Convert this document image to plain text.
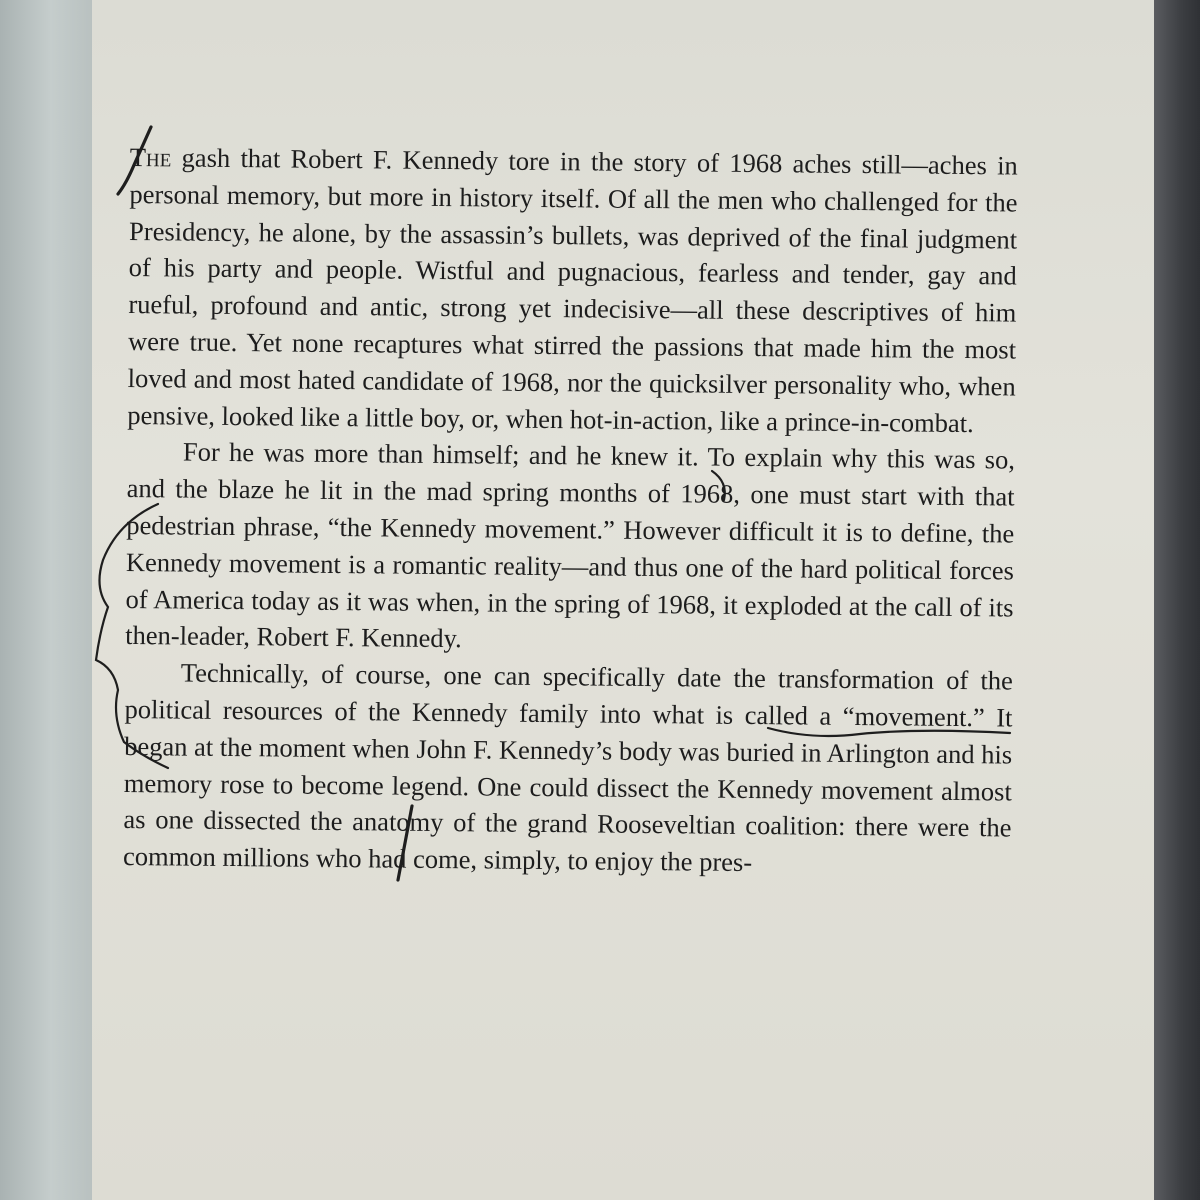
The gash that Robert F. Kennedy tore in the story of 1968 aches still—aches in personal memory, but more in history itself. Of all the men who challenged for the Presidency, he alone, by the assassin’s bullets, was deprived of the final judgment of his party and people. Wistful and pugnacious, fearless and tender, gay and rueful, profound and antic, strong yet indecisive—all these descriptives of him were true. Yet none recaptures what stirred the passions that made him the most loved and most hated candidate of 1968, nor the quicksilver personality who, when pensive, looked like a little boy, or, when hot-in-action, like a prince-in-combat.

For he was more than himself; and he knew it. To explain why this was so, and the blaze he lit in the mad spring months of 1968, one must start with that pedestrian phrase, “the Kennedy movement.” However difficult it is to define, the Kennedy movement is a romantic reality—and thus one of the hard political forces of America today as it was when, in the spring of 1968, it exploded at the call of its then-leader, Robert F. Kennedy.

Technically, of course, one can specifically date the transformation of the political resources of the Kennedy family into what is called a “movement.” It began at the moment when John F. Kennedy’s body was buried in Arlington and his memory rose to become legend. One could dissect the Kennedy movement almost as one dissected the anatomy of the grand Rooseveltian coalition: there were the common millions who had come, simply, to enjoy the pres-
